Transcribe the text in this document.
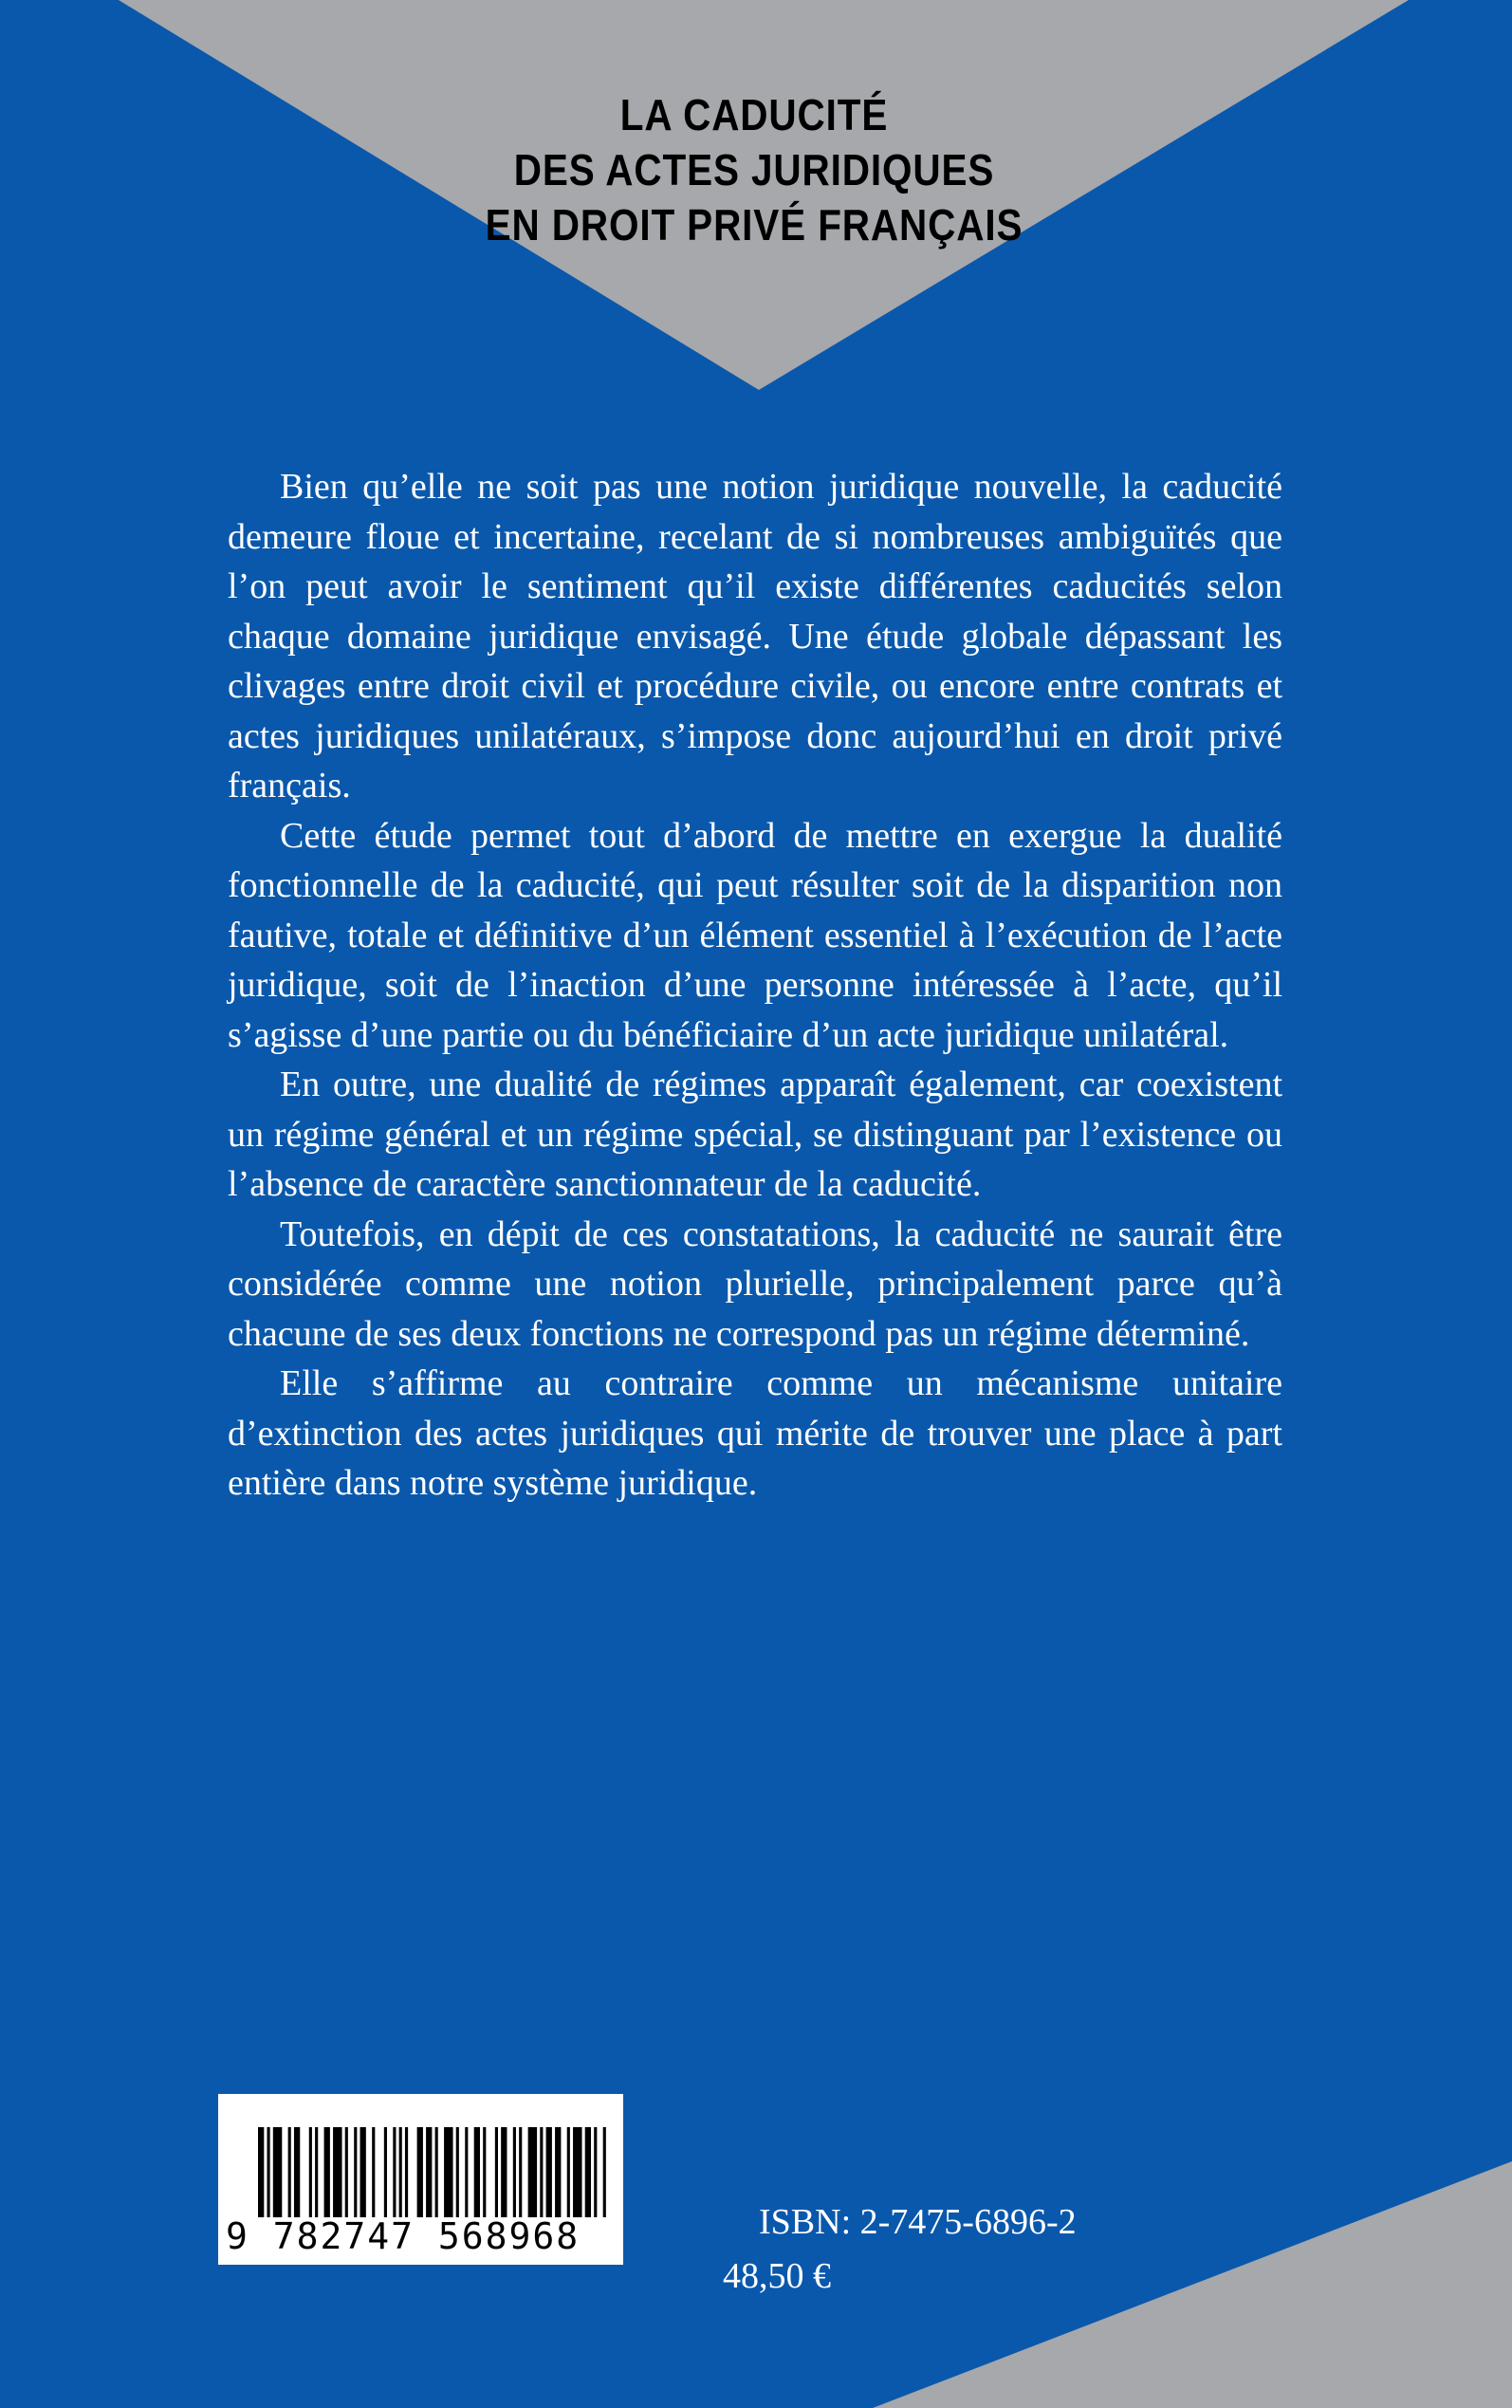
LA CADUCITÉ
DES ACTES JURIDIQUES
EN DROIT PRIVÉ FRANÇAIS

Bien qu’elle ne soit pas une notion juridique nouvelle, la caducité demeure floue et incertaine, recelant de si nombreuses ambiguïtés que l’on peut avoir le sentiment qu’il existe différentes caducités selon chaque domaine juridique envisagé. Une étude globale dépassant les clivages entre droit civil et procédure civile, ou encore entre contrats et actes juridiques unilatéraux, s’impose donc aujourd’hui en droit privé français.

Cette étude permet tout d’abord de mettre en exergue la dualité fonctionnelle de la caducité, qui peut résulter soit de la disparition non fautive, totale et définitive d’un élément essentiel à l’exécution de l’acte juridique, soit de l’inaction d’une personne intéressée à l’acte, qu’il s’agisse d’une partie ou du bénéficiaire d’un acte juridique unilatéral.

En outre, une dualité de régimes apparaît également, car coexistent un régime général et un régime spécial, se distinguant par l’existence ou l’absence de caractère sanctionnateur de la caducité.

Toutefois, en dépit de ces constatations, la caducité ne saurait être considérée comme une notion plurielle, principalement parce qu’à chacune de ses deux fonctions ne correspond pas un régime déterminé.

Elle s’affirme au contraire comme un mécanisme unitaire d’extinction des actes juridiques qui mérite de trouver une place à part entière dans notre système juridique.

9 782747 568968	ISBN: 2-7475-6896-2
48,50 €
